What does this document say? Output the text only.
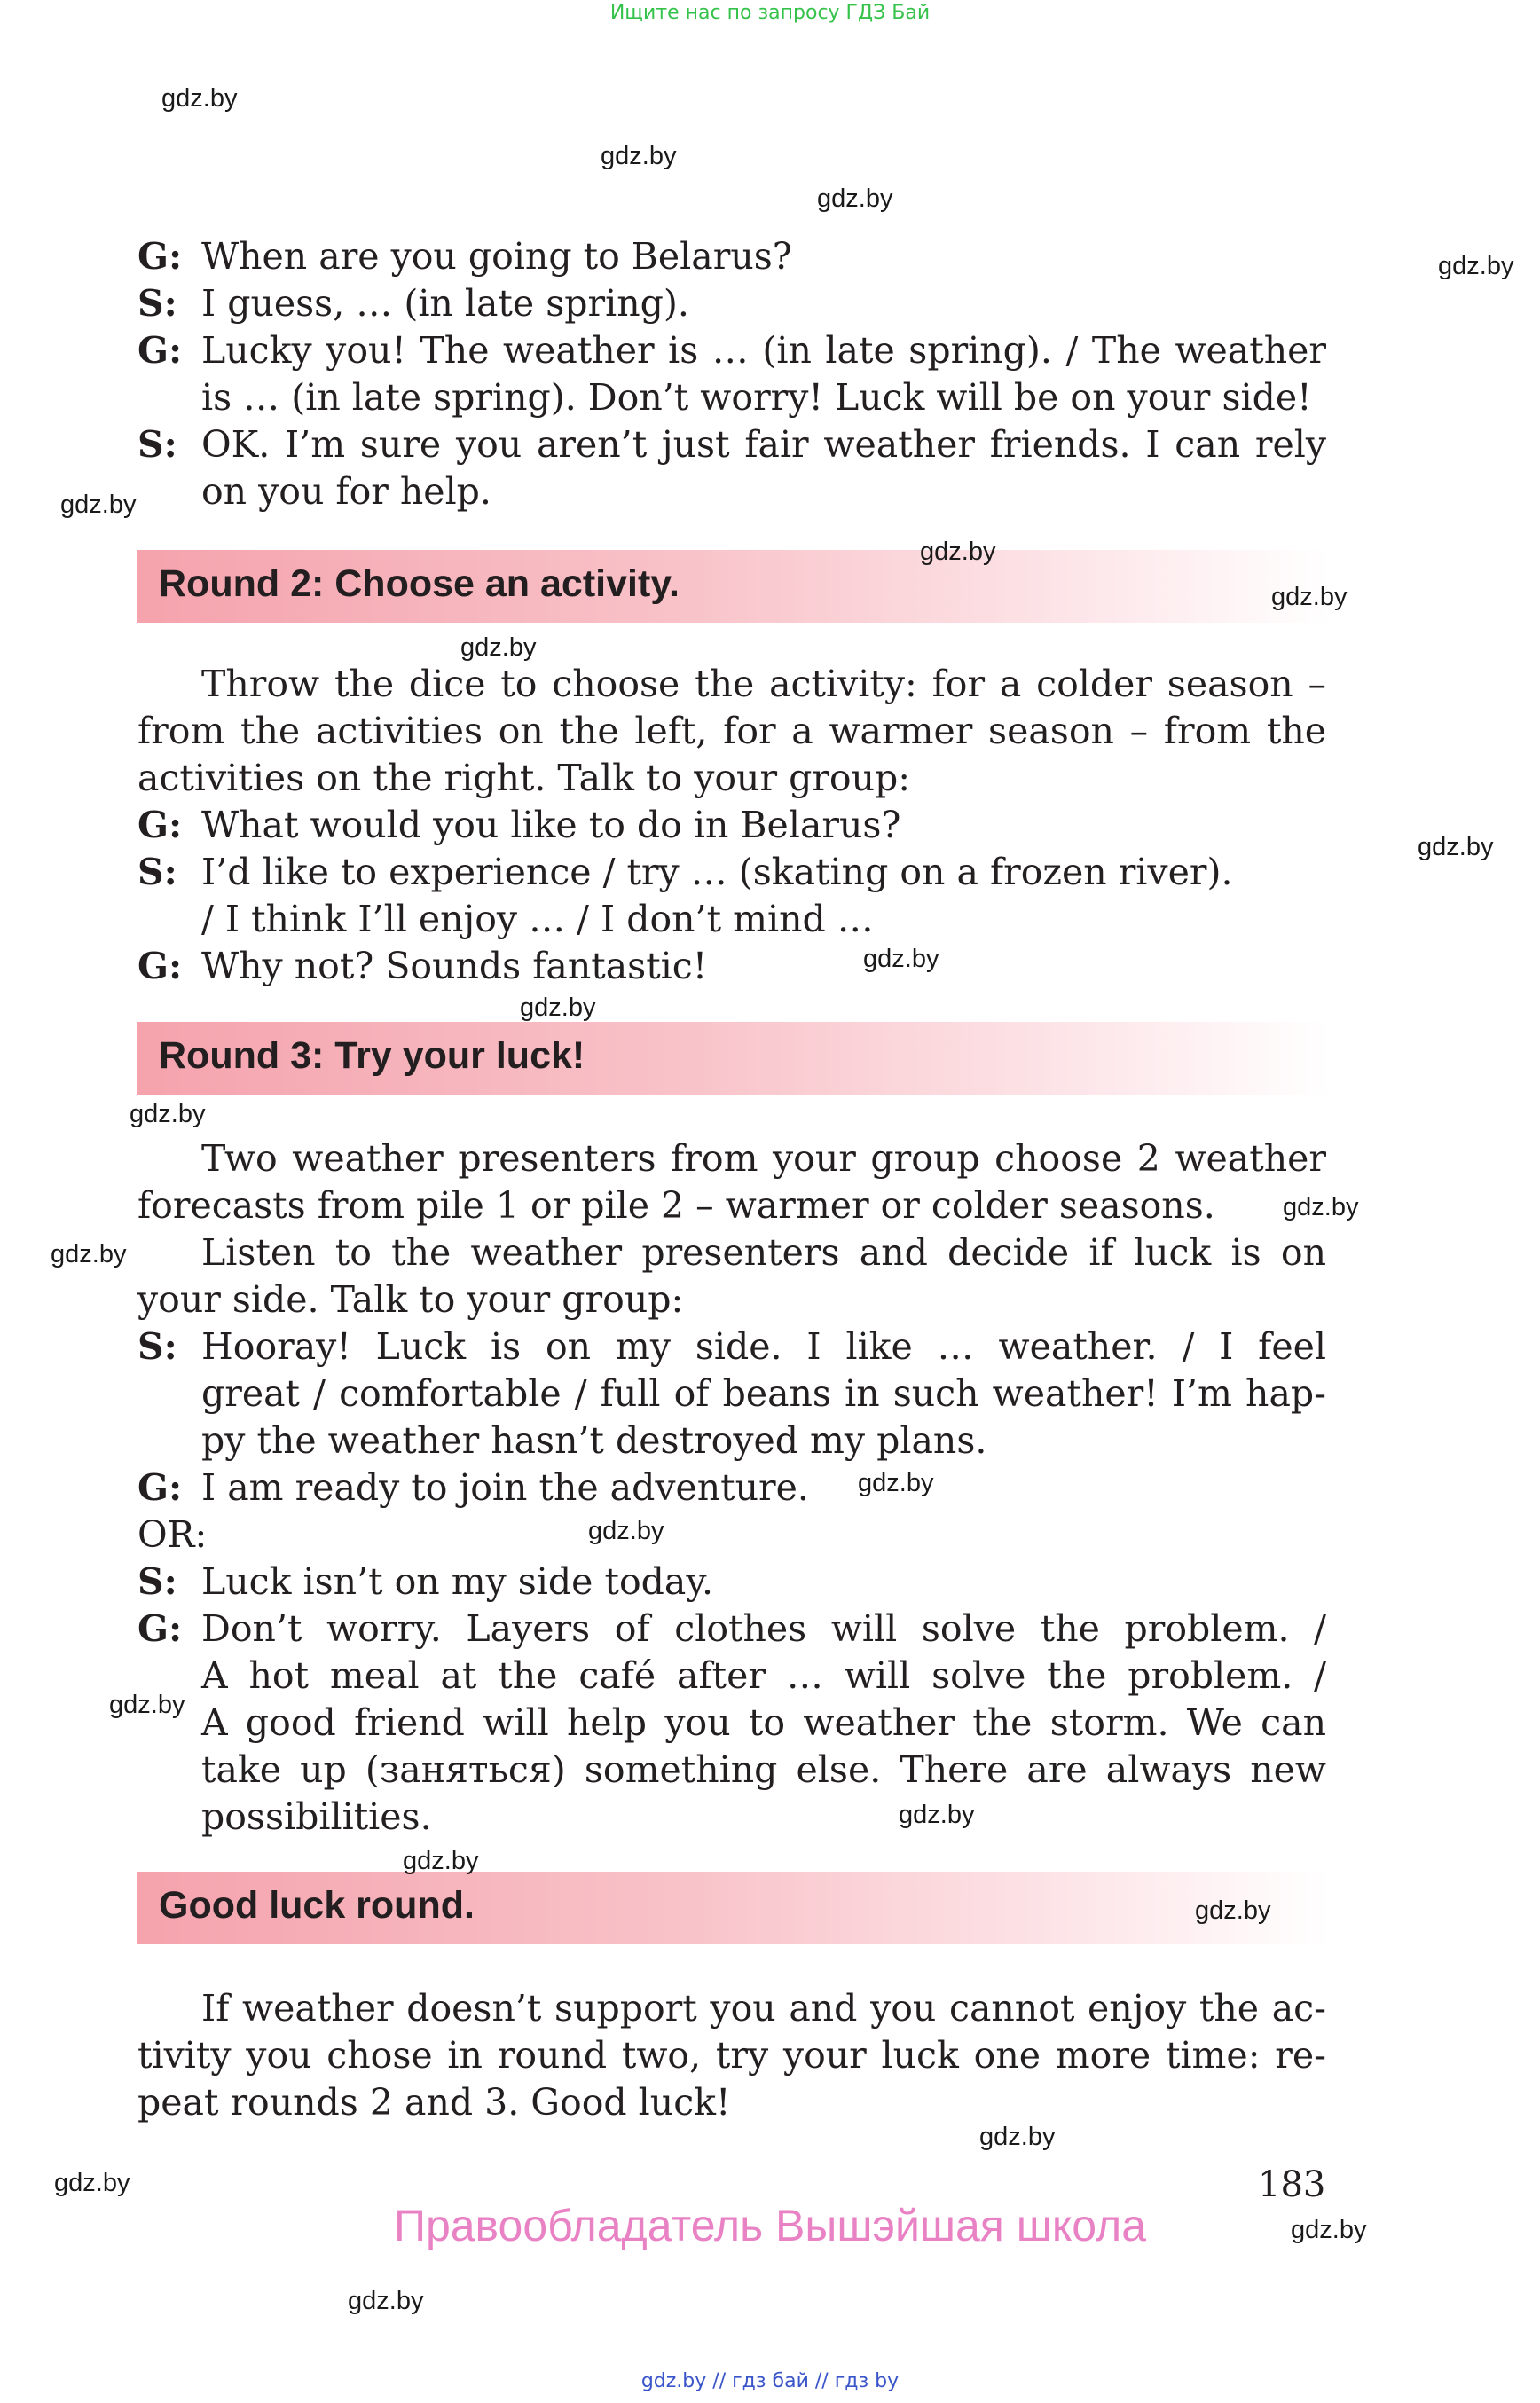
Ищите нас по запросу ГДЗ Бай
G: When are you going to Belarus?
S: I guess, … (in late spring).
G: Lucky you! The weather is … (in late spring). / The weather
is … (in late spring). Don’t worry! Luck will be on your side!
S: OK. I’m sure you aren’t just fair weather friends. I can rely
on you for help.
Throw the dice to choose the activity: for a colder season –
from the activities on the left, for a warmer season – from the
activities on the right. Talk to your group:
G: What would you like to do in Belarus?
S: I’d like to experience / try … (skating on a frozen river).
/ I think I’ll enjoy … / I don’t mind …
G: Why not? Sounds fantastic!
Two weather presenters from your group choose 2 weather
forecasts from pile 1 or pile 2 – warmer or colder seasons.
Listen to the weather presenters and decide if luck is on
your side. Talk to your group:
S: Hooray! Luck is on my side. I like … weather. / I feel
great / comfortable / full of beans in such weather! I’m hap-
py the weather hasn’t destroyed my plans.
G: I am ready to join the adventure.
OR:
S: Luck isn’t on my side today.
G: Don’t worry. Layers of clothes will solve the problem. /
A hot meal at the café after … will solve the problem. /
A good friend will help you to weather the storm. We can
take up (заняться) something else. There are always new
possibilities.
If weather doesn’t support you and you cannot enjoy the ac-
tivity you chose in round two, try your luck one more time: re-
peat rounds 2 and 3. Good luck!
Round 2: Choose an activity.
Round 3: Try your luck!
Good luck round.
183
Правообладатель Вышэйшая школа
gdz.by
gdz.by
gdz.by
gdz.by
gdz.by
gdz.by
gdz.by
gdz.by
gdz.by
gdz.by
gdz.by
gdz.by
gdz.by
gdz.by
gdz.by
gdz.by
gdz.by
gdz.by
gdz.by
gdz.by
gdz.by
gdz.by
gdz.by
gdz.by
gdz.by // гдз бай // гдз by
